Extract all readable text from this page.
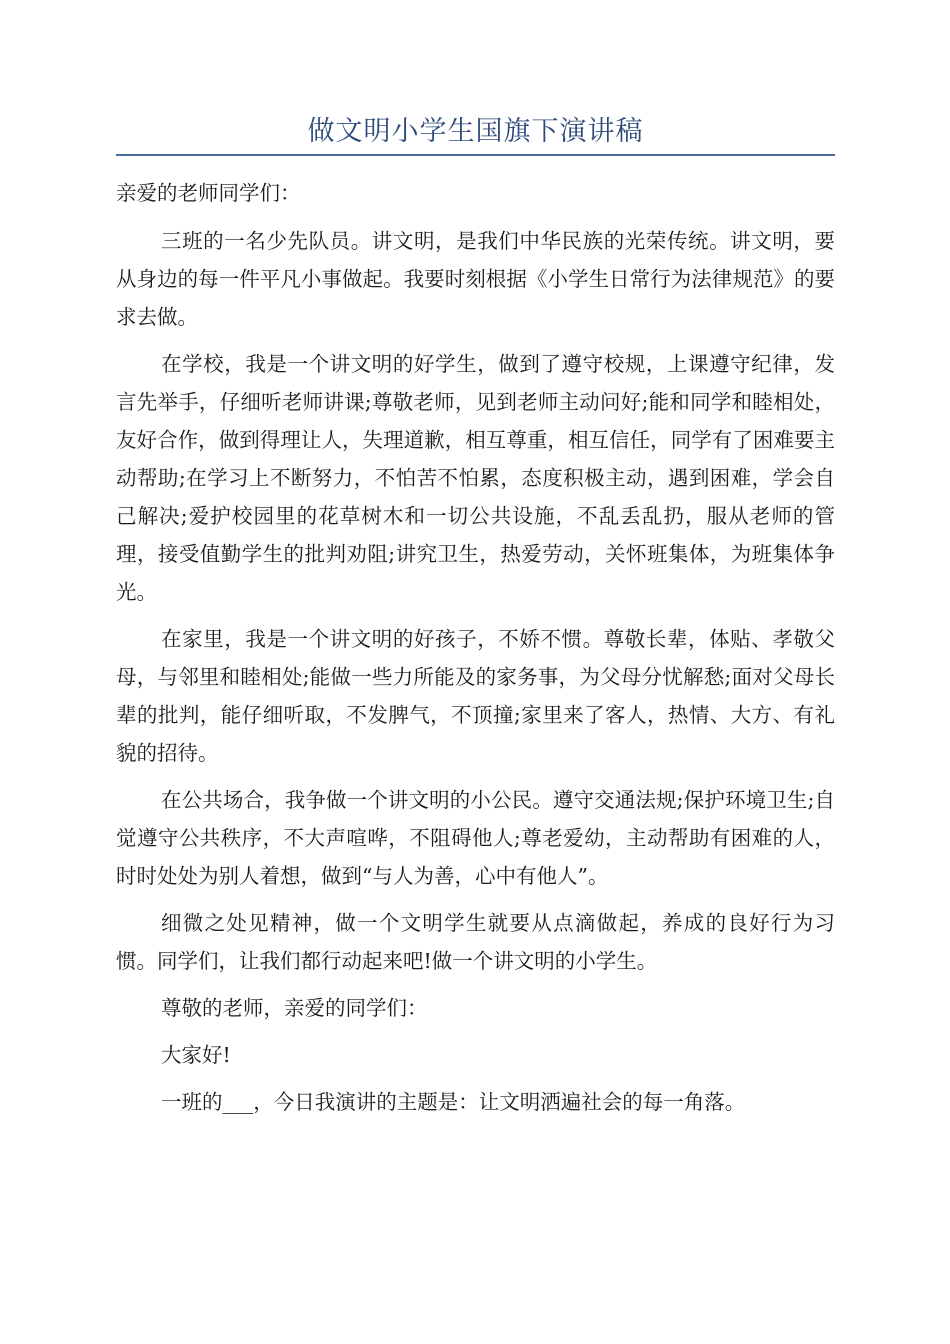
做文明小学生国旗下演讲稿

亲爱的老师同学们：

三班的一名少先队员。讲文明，是我们中华民族的光荣传统。讲文明，要从身边的每一件平凡小事做起。我要时刻根据《小学生日常行为法律规范》的要求去做。

在学校，我是一个讲文明的好学生，做到了遵守校规，上课遵守纪律，发言先举手，仔细听老师讲课;尊敬老师，见到老师主动问好;能和同学和睦相处，友好合作，做到得理让人，失理道歉，相互尊重，相互信任，同学有了困难要主动帮助;在学习上不断努力，不怕苦不怕累，态度积极主动，遇到困难，学会自己解决;爱护校园里的花草树木和一切公共设施，不乱丢乱扔，服从老师的管理，接受值勤学生的批判劝阻;讲究卫生，热爱劳动，关怀班集体，为班集体争光。

在家里，我是一个讲文明的好孩子，不娇不惯。尊敬长辈，体贴、孝敬父母，与邻里和睦相处;能做一些力所能及的家务事，为父母分忧解愁;面对父母长辈的批判，能仔细听取，不发脾气，不顶撞;家里来了客人，热情、大方、有礼貌的招待。

在公共场合，我争做一个讲文明的小公民。遵守交通法规;保护环境卫生;自觉遵守公共秩序，不大声喧哗，不阻碍他人;尊老爱幼，主动帮助有困难的人，时时处处为别人着想，做到“与人为善，心中有他人”。

细微之处见精神，做一个文明学生就要从点滴做起，养成的良好行为习惯。同学们，让我们都行动起来吧!做一个讲文明的小学生。

尊敬的老师，亲爱的同学们：

大家好!

一班的___，今日我演讲的主题是：让文明洒遍社会的每一角落。
